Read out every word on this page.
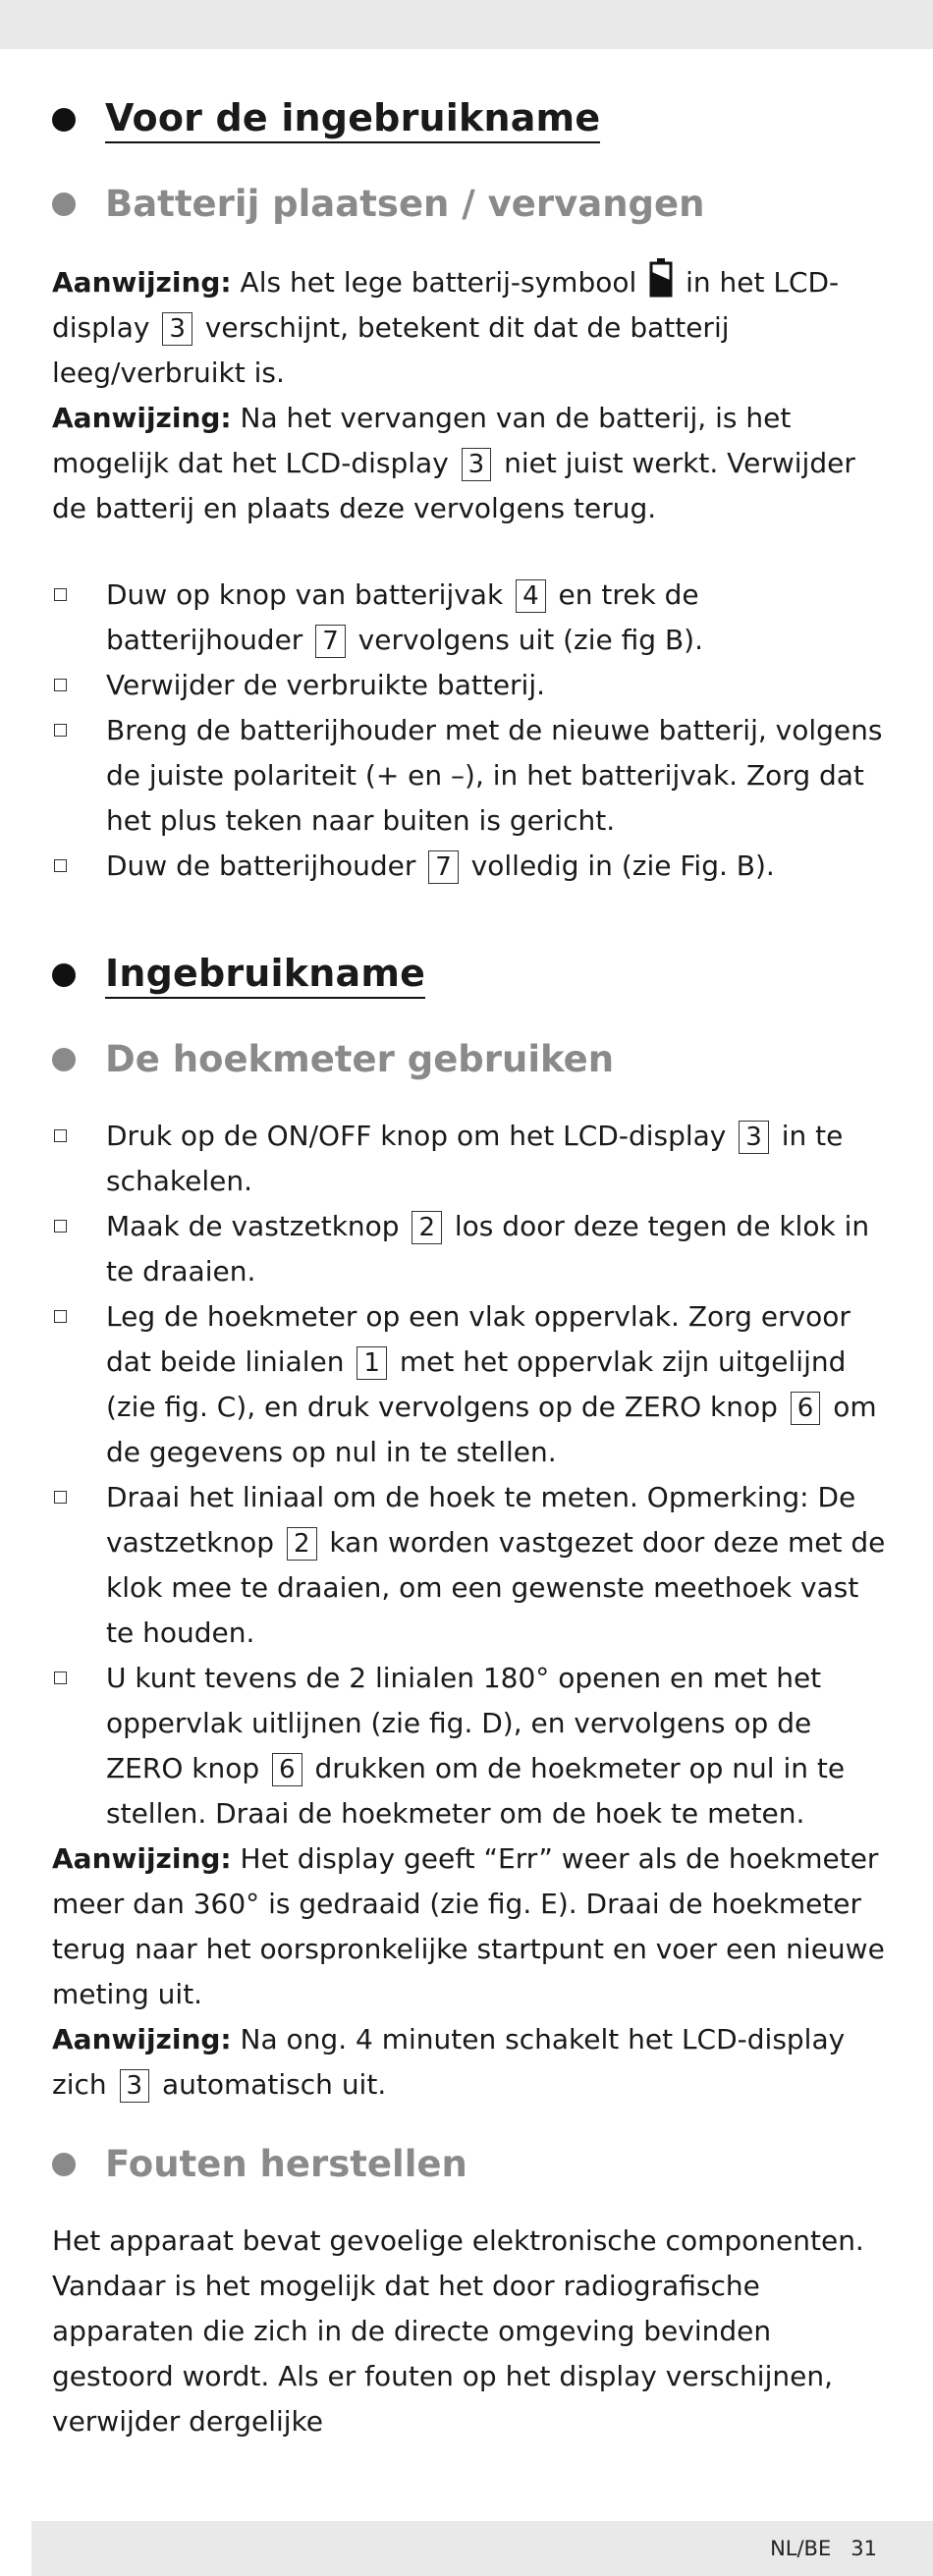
Voor de ingebruikname
Batterij plaatsen / vervangen
Aanwijzing: Als het lege batterij-symbool  in het LCD-display 3 verschijnt, betekent dit dat de batterij leeg/verbruikt is.
Aanwijzing: Na het vervangen van de batterij, is het mogelijk dat het LCD-display 3 niet juist werkt. Verwijder de batterij en plaats deze vervolgens terug.
Duw op knop van batterijvak 4 en trek de batterijhouder 7 vervolgens uit (zie fig B).
Verwijder de verbruikte batterij.
Breng de batterijhouder met de nieuwe batterij, volgens de juiste polariteit (+ en –), in het batterijvak. Zorg dat het plus teken naar buiten is gericht.
Duw de batterijhouder 7 volledig in (zie Fig. B).
Ingebruikname
De hoekmeter gebruiken
Druk op de ON/OFF knop om het LCD-display 3 in te schakelen.
Maak de vastzetknop 2 los door deze tegen de klok in te draaien.
Leg de hoekmeter op een vlak oppervlak. Zorg ervoor dat beide linialen 1 met het oppervlak zijn uitgelijnd (zie fig. C), en druk vervolgens op de ZERO knop 6 om de gegevens op nul in te stellen.
Draai het liniaal om de hoek te meten. Opmerking: De vastzetknop 2 kan worden vastgezet door deze met de klok mee te draaien, om een gewenste meethoek vast te houden.
U kunt tevens de 2 linialen 180° openen en met het oppervlak uitlijnen (zie fig. D), en vervolgens op de ZERO knop 6 drukken om de hoekmeter op nul in te stellen. Draai de hoekmeter om de hoek te meten.
Aanwijzing: Het display geeft “Err” weer als de hoekmeter meer dan 360° is gedraaid (zie fig. E). Draai de hoekmeter terug naar het oorspronkelijke startpunt en voer een nieuwe meting uit.
Aanwijzing: Na ong. 4 minuten schakelt het LCD-display zich 3 automatisch uit.
Fouten herstellen
Het apparaat bevat gevoelige elektronische componenten. Vandaar is het mogelijk dat het door radiografische apparaten die zich in de directe omgeving bevinden gestoord wordt. Als er fouten op het display verschijnen, verwijder dergelijke
NL/BE   31
